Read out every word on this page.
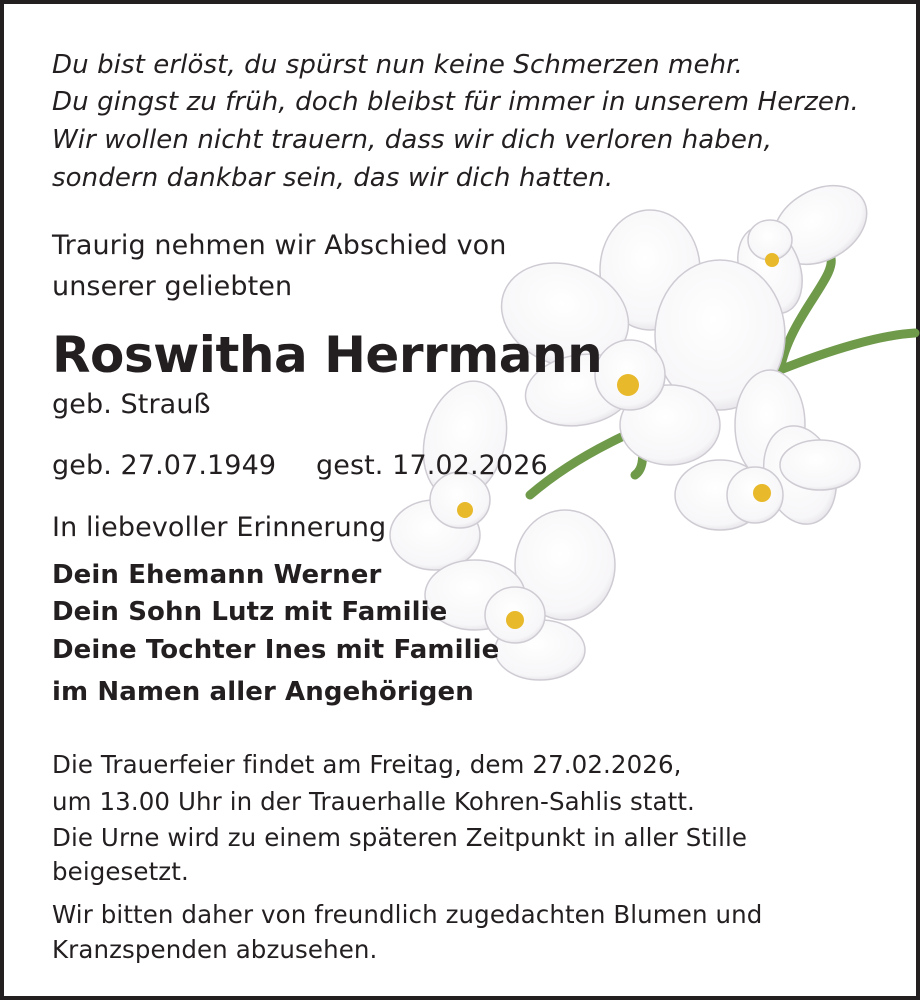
Du bist erlöst, du spürst nun keine Schmerzen mehr.
Du gingst zu früh, doch bleibst für immer in unserem Herzen.
Wir wollen nicht trauern, dass wir dich verloren haben,
sondern dankbar sein, das wir dich hatten.
Traurig nehmen wir Abschied von
unserer geliebten
Roswitha Herrmann
geb. Strauß
geb. 27.07.1949 gest. 17.02.2026
In liebevoller Erinnerung
Dein Ehemann Werner
Dein Sohn Lutz mit Familie
Deine Tochter Ines mit Familie
im Namen aller Angehörigen
Die Trauerfeier findet am Freitag, dem 27.02.2026,
um 13.00 Uhr in der Trauerhalle Kohren-Sahlis statt.
Die Urne wird zu einem späteren Zeitpunkt in aller Stille
beigesetzt.
Wir bitten daher von freundlich zugedachten Blumen und
Kranzspenden abzusehen.
